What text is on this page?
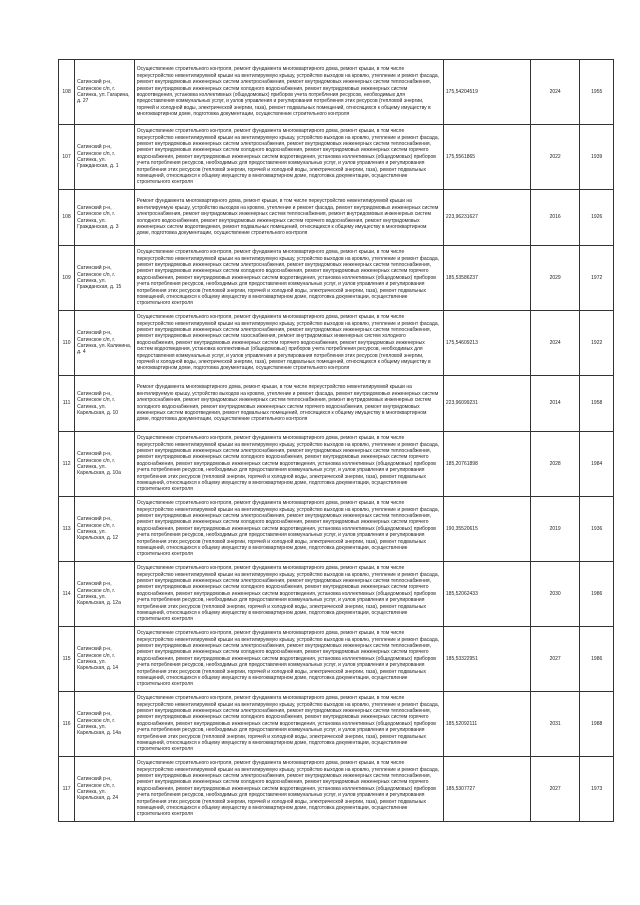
108	Сатинский р-н, Сатинское с/п, г. Сатинка, ул. Гагарина, д. 27	Осуществление строительного контроля, ремонт фундамента многоквартирного дома, ремонт крыши, в том числе переустройство невентилируемой крыши на вентилируемую крышу, устройство выходов на кровлю, утепление и ремонт фасада, ремонт внутридомовых инженерных систем электроснабжения, ремонт внутридомовых инженерных систем теплоснабжения, ремонт внутридомовых инженерных систем холодного водоснабжения, ремонт внутридомовых инженерных систем водоотведения, установка коллективных (общедомовых) приборов учета потребления ресурсов, необходимых для предоставления коммунальных услуг, и узлов управления и регулирования потребления этих ресурсов (тепловой энергии, горячей и холодной воды, электрической энергии, газа), ремонт подвальных помещений, относящихся к общему имуществу в многоквартирном доме, подготовка документации, осуществление строительного контроля	175,54204519	2024	1955
107	Сатинский р-н, Сатинское с/п, г. Сатинка, ул. Гражданская, д. 1	Осуществление строительного контроля, ремонт фундамента многоквартирного дома, ремонт крыши, в том числе переустройство невентилируемой крыши на вентилируемую крышу, устройство выходов на кровлю, утепление и ремонт фасада, ремонт внутридомовых инженерных систем электроснабжения, ремонт внутридомовых инженерных систем теплоснабжения, ремонт внутридомовых инженерных систем холодного водоснабжения, ремонт внутридомовых инженерных систем горячего водоснабжения, ремонт внутридомовых инженерных систем водоотведения, установка коллективных (общедомовых) приборов учета потребления ресурсов, необходимых для предоставления коммунальных услуг, и узлов управления и регулирования потребления этих ресурсов (тепловой энергии, горячей и холодной воды, электрической энергии, газа), ремонт подвальных помещений, относящихся к общему имуществу в многоквартирном доме, подготовка документации, осуществление строительного контроля	175,5561865	2022	1939
108	Сатинский р-н, Сатинское с/п, г. Сатинка, ул. Гражданская, д. 3	Ремонт фундамента многоквартирного дома, ремонт крыши, в том числе переустройство невентилируемой крыши на вентилируемую крышу, устройство выходов на кровлю, утепление и ремонт фасада, ремонт внутридомовых инженерных систем электроснабжения, ремонт внутридомовых инженерных систем теплоснабжения, ремонт внутридомовых инженерных систем холодного водоснабжения, ремонт внутридомовых инженерных систем горячего водоснабжения, ремонт внутридомовых инженерных систем водоотведения, ремонт подвальных помещений, относящихся к общему имуществу в многоквартирном доме, подготовка документации, осуществление строительного контроля	223,96231627	2016	1926
109	Сатинский р-н, Сатинское с/п, г. Сатинка, ул. Гражданская, д. 15	Осуществление строительного контроля, ремонт фундамента многоквартирного дома, ремонт крыши, в том числе переустройство невентилируемой крыши на вентилируемую крышу, устройство выходов на кровлю, утепление и ремонт фасада, ремонт внутридомовых инженерных систем электроснабжения, ремонт внутридомовых инженерных систем теплоснабжения, ремонт внутридомовых инженерных систем холодного водоснабжения, ремонт внутридомовых инженерных систем горячего водоснабжения, ремонт внутридомовых инженерных систем водоотведения, установка коллективных (общедомовых) приборов учета потребления ресурсов, необходимых для предоставления коммунальных услуг, и узлов управления и регулирования потребления этих ресурсов (тепловой энергии, горячей и холодной воды, электрической энергии, газа), ремонт подвальных помещений, относящихся к общему имуществу в многоквартирном доме, подготовка документации, осуществление строительного контроля	185,53586237	2029	1972
110	Сатинский р-н, Сатинское с/п, г. Сатинка, ул. Калинина, д. 4	Осуществление строительного контроля, ремонт фундамента многоквартирного дома, ремонт крыши, в том числе переустройство невентилируемой крыши на вентилируемую крышу, устройство выходов на кровлю, утепление и ремонт фасада, ремонт внутридомовых инженерных систем электроснабжения, ремонт внутридомовых инженерных систем теплоснабжения, ремонт внутридомовых инженерных систем газоснабжения, ремонт внутридомовых инженерных систем холодного водоснабжения, ремонт внутридомовых инженерных систем горячего водоснабжения, ремонт внутридомовых инженерных систем водоотведения, установка коллективных (общедомовых) приборов учета потребления ресурсов, необходимых для предоставления коммунальных услуг, и узлов управления и регулирования потребления этих ресурсов (тепловой энергии, горячей и холодной воды, электрической энергии, газа), ремонт подвальных помещений, относящихся к общему имуществу в многоквартирном доме, подготовка документации, осуществление строительного контроля	175,54609213	2024	1922
111	Сатинский р-н, Сатинское с/п, г. Сатинка, ул. Карельская, д. 10	Ремонт фундамента многоквартирного дома, ремонт крыши, в том числе переустройство невентилируемой крыши на вентилируемую крышу, устройство выходов на кровлю, утепление и ремонт фасада, ремонт внутридомовых инженерных систем электроснабжения, ремонт внутридомовых инженерных систем теплоснабжения, ремонт внутридомовых инженерных систем холодного водоснабжения, ремонт внутридомовых инженерных систем горячего водоснабжения, ремонт внутридомовых инженерных систем водоотведения, ремонт подвальных помещений, относящихся к общему имуществу в многоквартирном доме, подготовка документации, осуществление строительного контроля	223,96099231	2014	1958
112	Сатинский р-н, Сатинское с/п, г. Сатинка, ул. Карельская, д. 10а	Осуществление строительного контроля, ремонт фундамента многоквартирного дома, ремонт крыши, в том числе переустройство невентилируемой крыши на вентилируемую крышу, устройство выходов на кровлю, утепление и ремонт фасада, ремонт внутридомовых инженерных систем электроснабжения, ремонт внутридомовых инженерных систем теплоснабжения, ремонт внутридомовых инженерных систем холодного водоснабжения, ремонт внутридомовых инженерных систем горячего водоснабжения, ремонт внутридомовых инженерных систем водоотведения, установка коллективных (общедомовых) приборов учета потребления ресурсов, необходимых для предоставления коммунальных услуг, и узлов управления и регулирования потребления этих ресурсов (тепловой энергии, горячей и холодной воды, электрической энергии, газа), ремонт подвальных помещений, относящихся к общему имуществу в многоквартирном доме, подготовка документации, осуществление строительного контроля	185,20761898	2028	1984
113	Сатинский р-н, Сатинское с/п, г. Сатинка, ул. Карельская, д. 12	Осуществление строительного контроля, ремонт фундамента многоквартирного дома, ремонт крыши, в том числе переустройство невентилируемой крыши на вентилируемую крышу, устройство выходов на кровлю, утепление и ремонт фасада, ремонт внутридомовых инженерных систем электроснабжения, ремонт внутридомовых инженерных систем теплоснабжения, ремонт внутридомовых инженерных систем холодного водоснабжения, ремонт внутридомовых инженерных систем горячего водоснабжения, ремонт внутридомовых инженерных систем водоотведения, установка коллективных (общедомовых) приборов учета потребления ресурсов, необходимых для предоставления коммунальных услуг, и узлов управления и регулирования потребления этих ресурсов (тепловой энергии, горячей и холодной воды, электрической энергии, газа), ремонт подвальных помещений, относящихся к общему имуществу в многоквартирном доме, подготовка документации, осуществление строительного контроля	190,35520615	2019	1936
114	Сатинский р-н, Сатинское с/п, г. Сатинка, ул. Карельская, д. 12а	Осуществление строительного контроля, ремонт фундамента многоквартирного дома, ремонт крыши, в том числе переустройство невентилируемой крыши на вентилируемую крышу, устройство выходов на кровлю, утепление и ремонт фасада, ремонт внутридомовых инженерных систем электроснабжения, ремонт внутридомовых инженерных систем теплоснабжения, ремонт внутридомовых инженерных систем холодного водоснабжения, ремонт внутридомовых инженерных систем горячего водоснабжения, ремонт внутридомовых инженерных систем водоотведения, установка коллективных (общедомовых) приборов учета потребления ресурсов, необходимых для предоставления коммунальных услуг, и узлов управления и регулирования потребления этих ресурсов (тепловой энергии, горячей и холодной воды, электрической энергии, газа), ремонт подвальных помещений, относящихся к общему имуществу в многоквартирном доме, подготовка документации, осуществление строительного контроля	185,52062433	2030	1986
115	Сатинский р-н, Сатинское с/п, г. Сатинка, ул. Карельская, д. 14	Осуществление строительного контроля, ремонт фундамента многоквартирного дома, ремонт крыши, в том числе переустройство невентилируемой крыши на вентилируемую крышу, устройство выходов на кровлю, утепление и ремонт фасада, ремонт внутридомовых инженерных систем электроснабжения, ремонт внутридомовых инженерных систем теплоснабжения, ремонт внутридомовых инженерных систем холодного водоснабжения, ремонт внутридомовых инженерных систем горячего водоснабжения, ремонт внутридомовых инженерных систем водоотведения, установка коллективных (общедомовых) приборов учета потребления ресурсов, необходимых для предоставления коммунальных услуг, и узлов управления и регулирования потребления этих ресурсов (тепловой энергии, горячей и холодной воды, электрической энергии, газа), ремонт подвальных помещений, относящихся к общему имуществу в многоквартирном доме, подготовка документации, осуществление строительного контроля	185,53322951	2027	1986
116	Сатинский р-н, Сатинское с/п, г. Сатинка, ул. Карельская, д. 14а	Осуществление строительного контроля, ремонт фундамента многоквартирного дома, ремонт крыши, в том числе переустройство невентилируемой крыши на вентилируемую крышу, устройство выходов на кровлю, утепление и ремонт фасада, ремонт внутридомовых инженерных систем электроснабжения, ремонт внутридомовых инженерных систем теплоснабжения, ремонт внутридомовых инженерных систем холодного водоснабжения, ремонт внутридомовых инженерных систем горячего водоснабжения, ремонт внутридомовых инженерных систем водоотведения, установка коллективных (общедомовых) приборов учета потребления ресурсов, необходимых для предоставления коммунальных услуг, и узлов управления и регулирования потребления этих ресурсов (тепловой энергии, горячей и холодной воды, электрической энергии, газа), ремонт подвальных помещений, относящихся к общему имуществу в многоквартирном доме, подготовка документации, осуществление строительного контроля	185,52092111	2031	1988
117	Сатинский р-н, Сатинское с/п, г. Сатинка, ул. Карельская, д. 24	Осуществление строительного контроля, ремонт фундамента многоквартирного дома, ремонт крыши, в том числе переустройство невентилируемой крыши на вентилируемую крышу, устройство выходов на кровлю, утепление и ремонт фасада, ремонт внутридомовых инженерных систем электроснабжения, ремонт внутридомовых инженерных систем теплоснабжения, ремонт внутридомовых инженерных систем холодного водоснабжения, ремонт внутридомовых инженерных систем горячего водоснабжения, ремонт внутридомовых инженерных систем водоотведения, установка коллективных (общедомовых) приборов учета потребления ресурсов, необходимых для предоставления коммунальных услуг, и узлов управления и регулирования потребления этих ресурсов (тепловой энергии, горячей и холодной воды, электрической энергии, газа), ремонт подвальных помещений, относящихся к общему имуществу в многоквартирном доме, подготовка документации, осуществление строительного контроля	185,5307727	2027	1973
